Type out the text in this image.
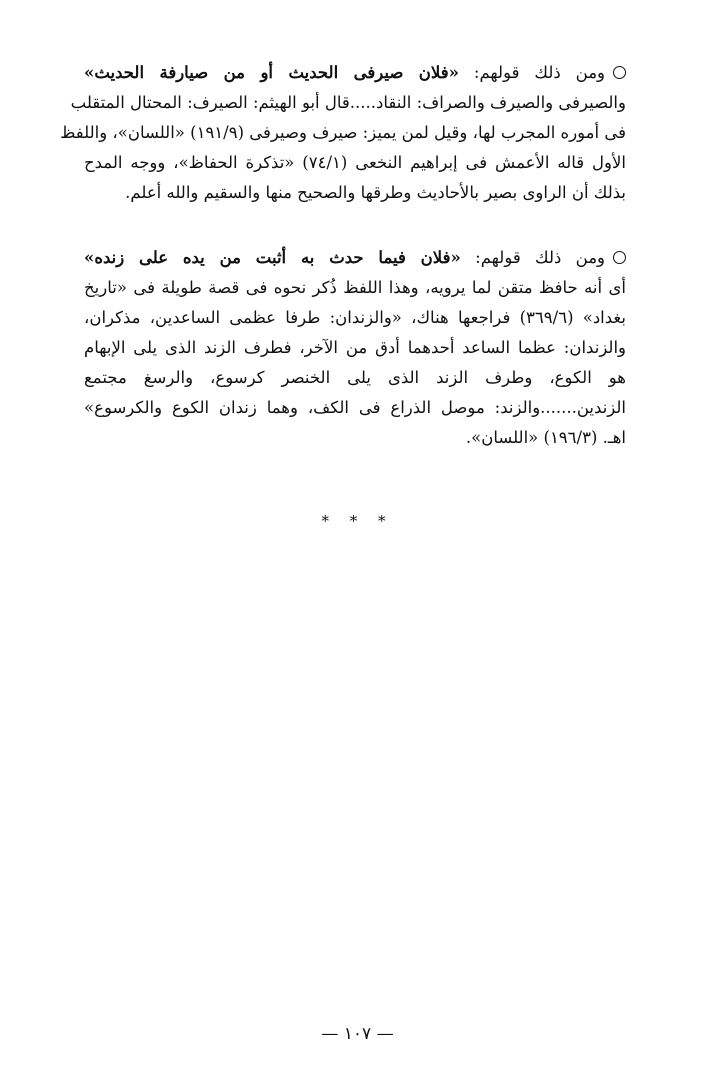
ومن ذلك قولهم: «فلان صيرفى الحديث أو من صيارفة الحديث»
والصيرفى والصيرف والصراف: النقاد.....قال أبو الهيثم: الصيرف: المحتال المتقلب
فى أموره المجرب لها، وقيل لمن يميز: صيرف وصيرفى (١٩١/٩) «اللسان»، واللفظ
الأول قاله الأعمش فى إبراهيم النخعى (٧٤/١) «تذكرة الحفاظ»، ووجه المدح
بذلك أن الراوى بصير بالأحاديث وطرقها والصحيح منها والسقيم والله أعلم.
ومن ذلك قولهم: «فلان فيما حدث به أثبت من يده على زنده»
أى أنه حافظ متقن لما يرويه، وهذا اللفظ ذُكر نحوه فى قصة طويلة فى «تاريخ
بغداد» (٣٦٩/٦) فراجعها هناك، «والزندان: طرفا عظمى الساعدين، مذكران،
والزندان: عظما الساعد أحدهما أدق من الآخر، فطرف الزند الذى يلى الإبهام
هو الكوع، وطرف الزند الذى يلى الخنصر كرسوع، والرسغ مجتمع
الزندين.......والزند: موصل الذراع فى الكف، وهما زندان الكوع والكرسوع»
اهـ. (١٩٦/٣) «اللسان».
* * *
— ١٠٧ —
